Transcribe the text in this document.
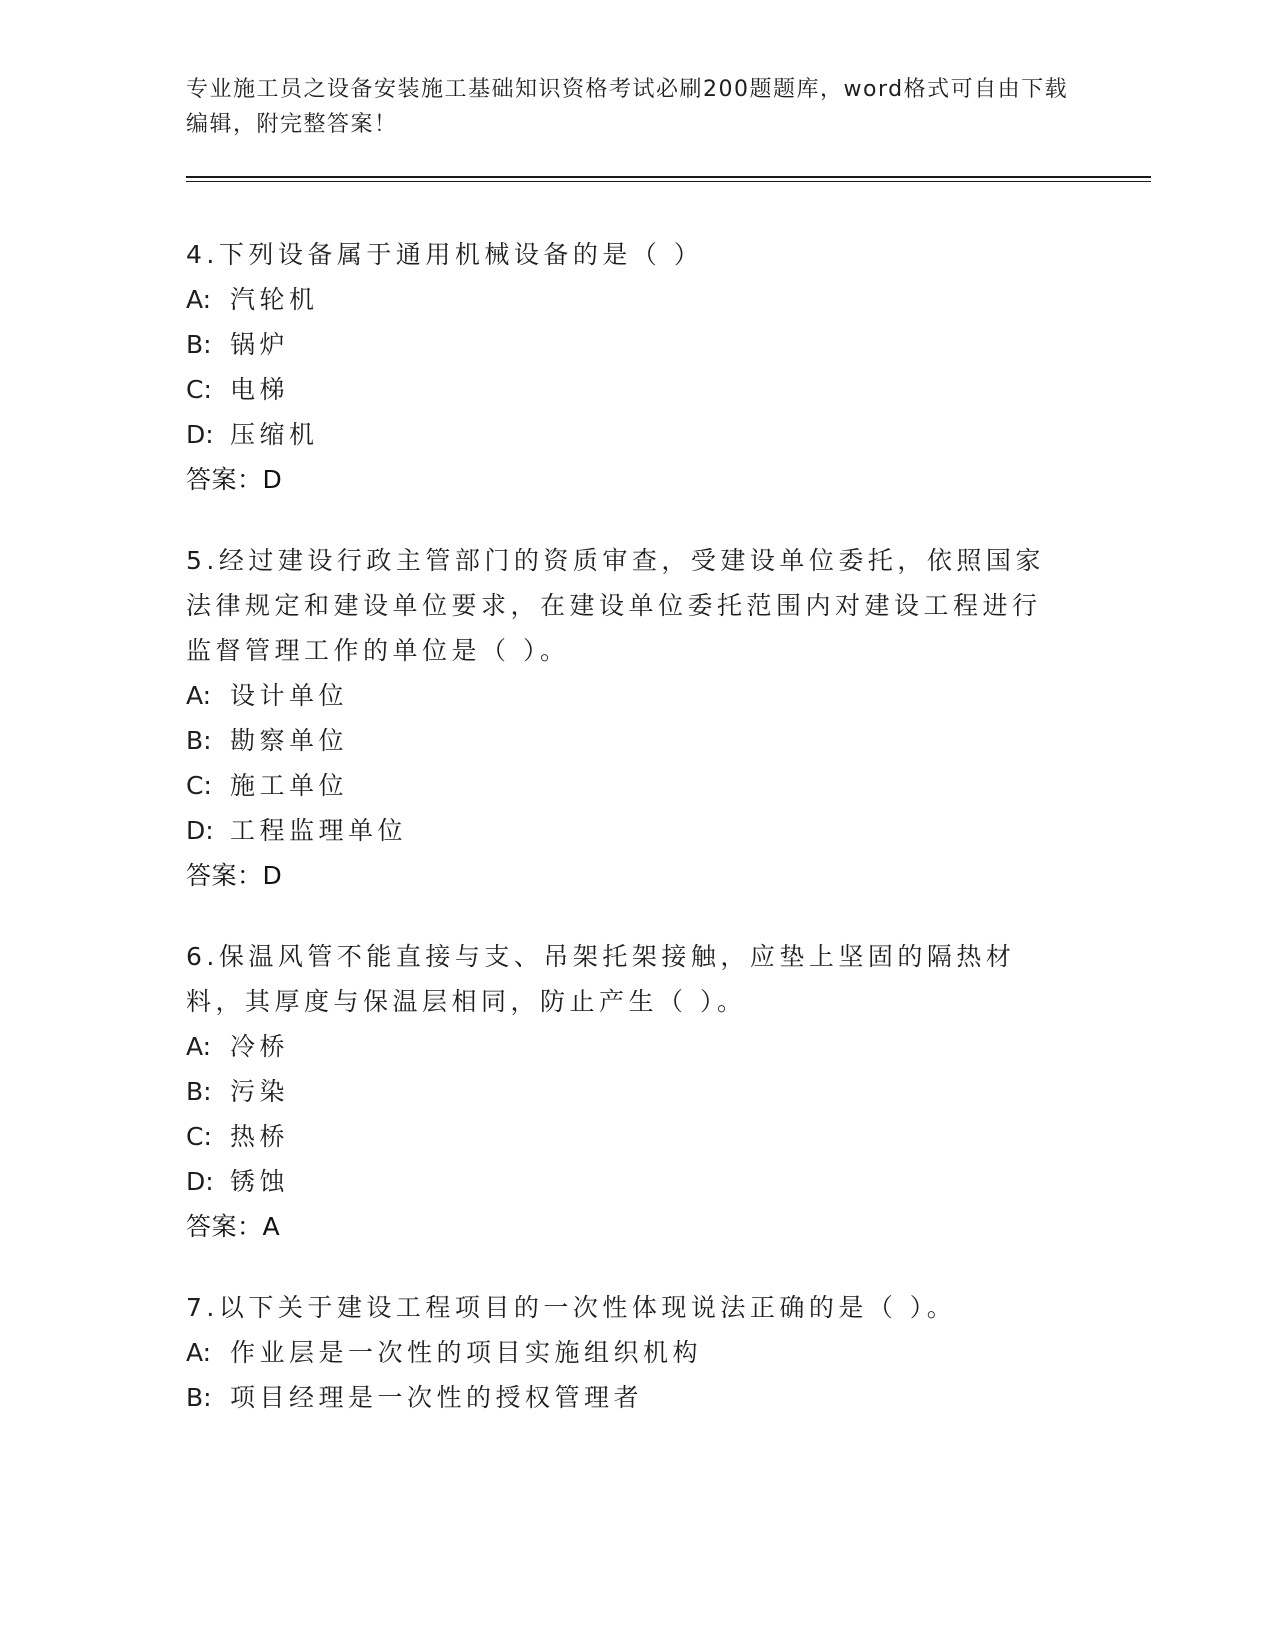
专业施工员之设备安装施工基础知识资格考试必刷200题题库，word格式可自由下载编辑，附完整答案！
4.下列设备属于通用机械设备的是（ ）
A: 汽轮机
B: 锅炉
C: 电梯
D: 压缩机
答案：D
5.经过建设行政主管部门的资质审查，受建设单位委托，依照国家法律规定和建设单位要求，在建设单位委托范围内对建设工程进行监督管理工作的单位是（ ）。
A: 设计单位
B: 勘察单位
C: 施工单位
D: 工程监理单位
答案：D
6.保温风管不能直接与支、吊架托架接触，应垫上坚固的隔热材料，其厚度与保温层相同，防止产生（ ）。
A: 冷桥
B: 污染
C: 热桥
D: 锈蚀
答案：A
7.以下关于建设工程项目的一次性体现说法正确的是（ ）。
A: 作业层是一次性的项目实施组织机构
B: 项目经理是一次性的授权管理者
